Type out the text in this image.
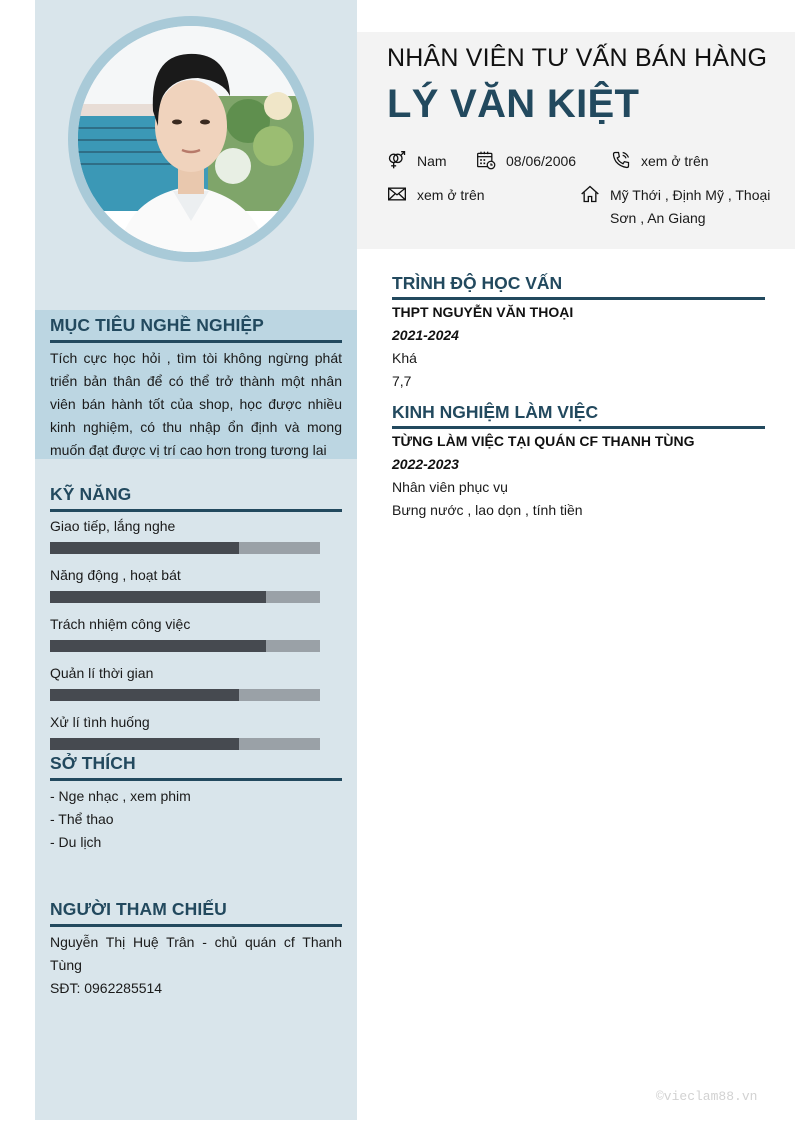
MỤC TIÊU NGHỀ NGHIỆP
Tích cực học hỏi , tìm tòi không ngừng phát triển bản thân để có thể trở thành một nhân viên bán hành tốt của shop, học được nhiều kinh nghiệm, có thu nhập ổn định và mong muốn đạt được vị trí cao hơn trong tương lai
KỸ NĂNG
Giao tiếp, lắng nghe
Năng động , hoạt bát
Trách nhiệm công việc
Quản lí thời gian
Xử lí tình huống
SỞ THÍCH
- Nge nhạc , xem phim
- Thể thao
- Du lịch
NGƯỜI THAM CHIẾU
Nguyễn Thị Huệ Trân - chủ quán cf Thanh Tùng
SĐT: 0962285514
NHÂN VIÊN TƯ VẤN BÁN HÀNG
LÝ VĂN KIỆT
Nam	08/06/2006	xem ở trên
xem ở trên	Mỹ Thới , Định Mỹ , Thoại
Sơn , An Giang
TRÌNH ĐỘ HỌC VẤN
THPT NGUYỄN VĂN THOẠI
2021-2024
Khá
7,7
KINH NGHIỆM LÀM VIỆC
TỪNG LÀM VIỆC TẠI QUÁN CF THANH TÙNG
2022-2023
Nhân viên phục vụ
Bưng nước , lao dọn , tính tiền
©vieclam88.vn
